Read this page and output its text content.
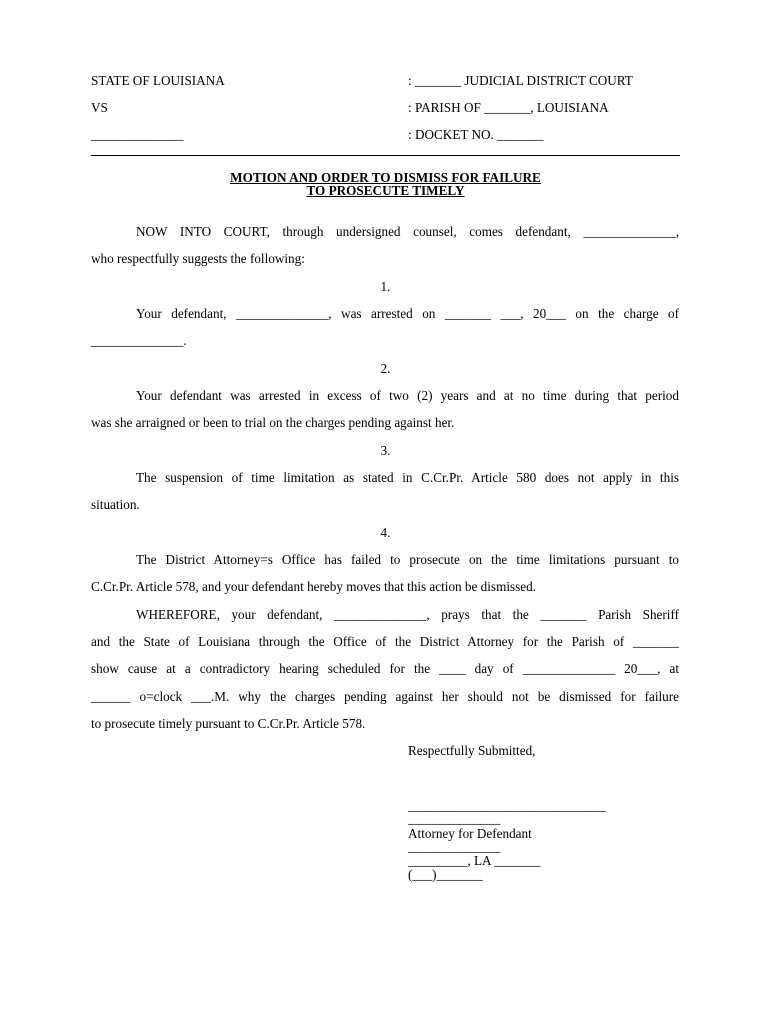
STATE OF LOUISIANA	: _______ JUDICIAL DISTRICT COURT
VS	: PARISH OF _______, LOUISIANA
______________	: DOCKET NO. _______
MOTION AND ORDER TO DISMISS FOR FAILURE
TO PROSECUTE TIMELY
NOW INTO COURT, through undersigned counsel, comes defendant, ______________,
who respectfully suggests the following:
1.
Your defendant, ______________, was arrested on _______ ___, 20___ on the charge of
______________.
2.
Your defendant was arrested in excess of two (2) years and at no time during that period
was she arraigned or been to trial on the charges pending against her.
3.
The suspension of time limitation as stated in C.Cr.Pr. Article 580 does not apply in this
situation.
4.
The District Attorney=s Office has failed to prosecute on the time limitations pursuant to
C.Cr.Pr. Article 578, and your defendant hereby moves that this action be dismissed.
WHEREFORE, your defendant, ______________, prays that the _______ Parish Sheriff
and the State of Louisiana through the Office of the District Attorney for the Parish of _______
show cause at a contradictory hearing scheduled for the ____ day of ______________ 20___, at
______ o=clock ___.M. why the charges pending against her should not be dismissed for failure
to prosecute timely pursuant to C.Cr.Pr. Article 578.
Respectfully Submitted,
______________________________
______________
Attorney for Defendant
______________
_________, LA _______
(___)_______
